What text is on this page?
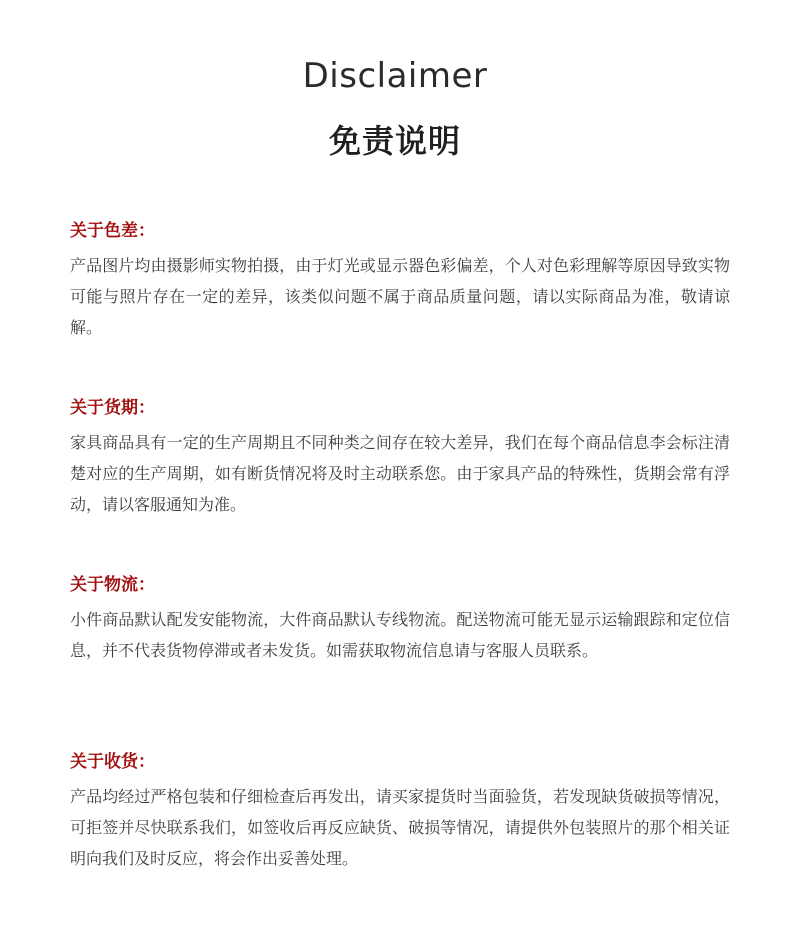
Disclaimer
免责说明
关于色差：

产品图片均由摄影师实物拍摄，由于灯光或显示器色彩偏差，个人对色彩理解等原因导致实物可能与照片存在一定的差异，该类似问题不属于商品质量问题，请以实际商品为准，敬请谅解。

关于货期：

家具商品具有一定的生产周期且不同种类之间存在较大差异，我们在每个商品信息李会标注清楚对应的生产周期，如有断货情况将及时主动联系您。由于家具产品的特殊性，货期会常有浮动，请以客服通知为准。

关于物流：

小件商品默认配发安能物流，大件商品默认专线物流。配送物流可能无显示运输跟踪和定位信息，并不代表货物停滞或者未发货。如需获取物流信息请与客服人员联系。

关于收货：

产品均经过严格包装和仔细检查后再发出，请买家提货时当面验货，若发现缺货破损等情况，可拒签并尽快联系我们，如签收后再反应缺货、破损等情况，请提供外包装照片的那个相关证明向我们及时反应，将会作出妥善处理。
